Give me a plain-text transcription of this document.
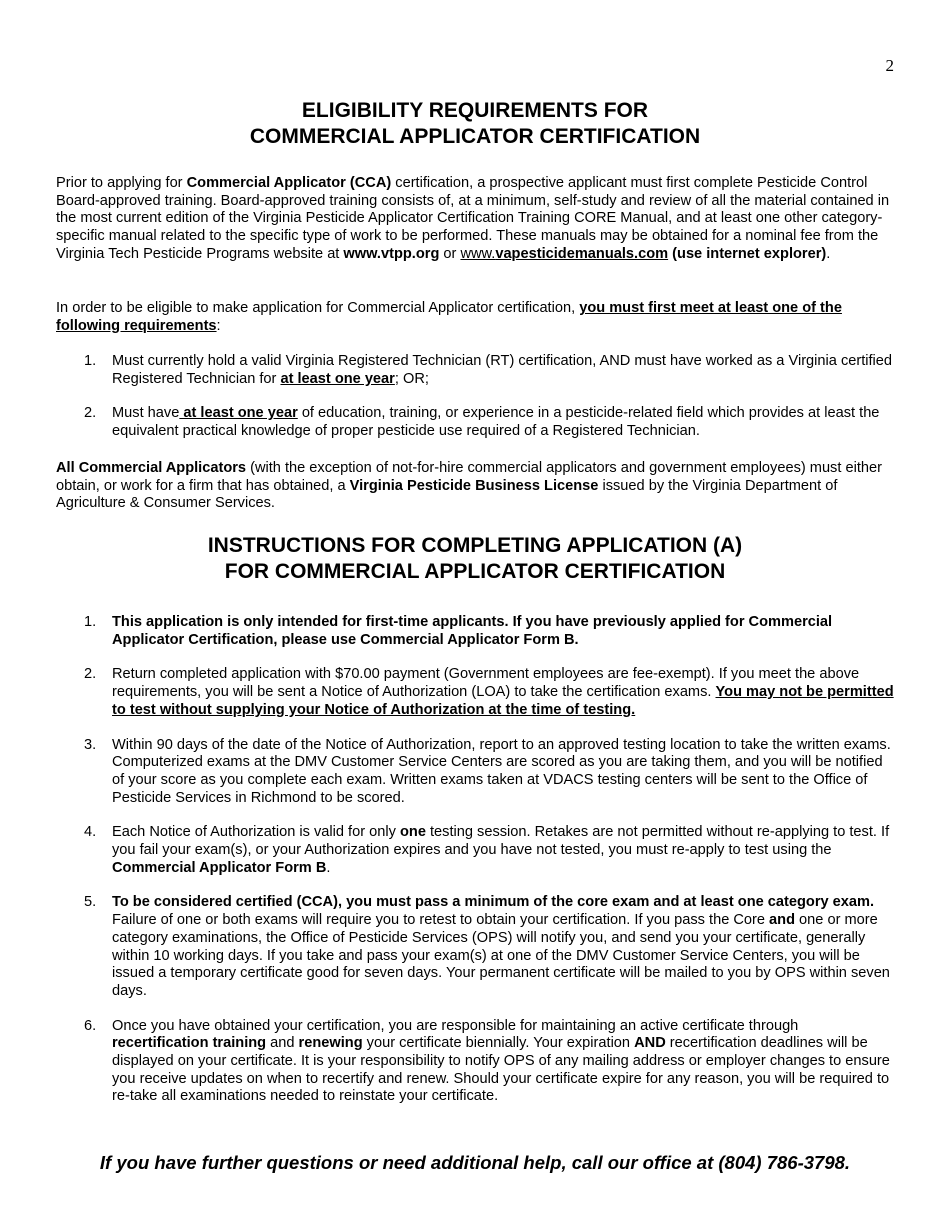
2
ELIGIBILITY REQUIREMENTS FOR
COMMERCIAL APPLICATOR CERTIFICATION

Prior to applying for Commercial Applicator (CCA) certification, a prospective applicant must first complete Pesticide Control Board-approved training. Board-approved training consists of, at a minimum, self-study and review of all the material contained in the most current edition of the Virginia Pesticide Applicator Certification Training CORE Manual, and at least one other category-specific manual related to the specific type of work to be performed. These manuals may be obtained for a nominal fee from the Virginia Tech Pesticide Programs website at www.vtpp.org or www.vapesticidemanuals.com (use internet explorer).

In order to be eligible to make application for Commercial Applicator certification, you must first meet at least one of the following requirements:

1. Must currently hold a valid Virginia Registered Technician (RT) certification, AND must have worked as a Virginia certified Registered Technician for at least one year; OR;
2. Must have at least one year of education, training, or experience in a pesticide-related field which provides at least the equivalent practical knowledge of proper pesticide use required of a Registered Technician.

All Commercial Applicators (with the exception of not-for-hire commercial applicators and government employees) must either obtain, or work for a firm that has obtained, a Virginia Pesticide Business License issued by the Virginia Department of Agriculture & Consumer Services.

INSTRUCTIONS FOR COMPLETING APPLICATION (A)
FOR COMMERCIAL APPLICATOR CERTIFICATION
1. This application is only intended for first-time applicants. If you have previously applied for Commercial Applicator Certification, please use Commercial Applicator Form B.
2. Return completed application with $70.00 payment (Government employees are fee-exempt). If you meet the above requirements, you will be sent a Notice of Authorization (LOA) to take the certification exams. You may not be permitted to test without supplying your Notice of Authorization at the time of testing.
3. Within 90 days of the date of the Notice of Authorization, report to an approved testing location to take the written exams. Computerized exams at the DMV Customer Service Centers are scored as you are taking them, and you will be notified of your score as you complete each exam. Written exams taken at VDACS testing centers will be sent to the Office of Pesticide Services in Richmond to be scored.
4. Each Notice of Authorization is valid for only one testing session. Retakes are not permitted without re-applying to test. If you fail your exam(s), or your Authorization expires and you have not tested, you must re-apply to test using the Commercial Applicator Form B.
5. To be considered certified (CCA), you must pass a minimum of the core exam and at least one category exam. Failure of one or both exams will require you to retest to obtain your certification. If you pass the Core and one or more category examinations, the Office of Pesticide Services (OPS) will notify you, and send you your certificate, generally within 10 working days. If you take and pass your exam(s) at one of the DMV Customer Service Centers, you will be issued a temporary certificate good for seven days. Your permanent certificate will be mailed to you by OPS within seven days.
6. Once you have obtained your certification, you are responsible for maintaining an active certificate through recertification training and renewing your certificate biennially. Your expiration AND recertification deadlines will be displayed on your certificate. It is your responsibility to notify OPS of any mailing address or employer changes to ensure you receive updates on when to recertify and renew. Should your certificate expire for any reason, you will be required to re-take all examinations needed to reinstate your certificate.
If you have further questions or need additional help, call our office at (804) 786-3798.
